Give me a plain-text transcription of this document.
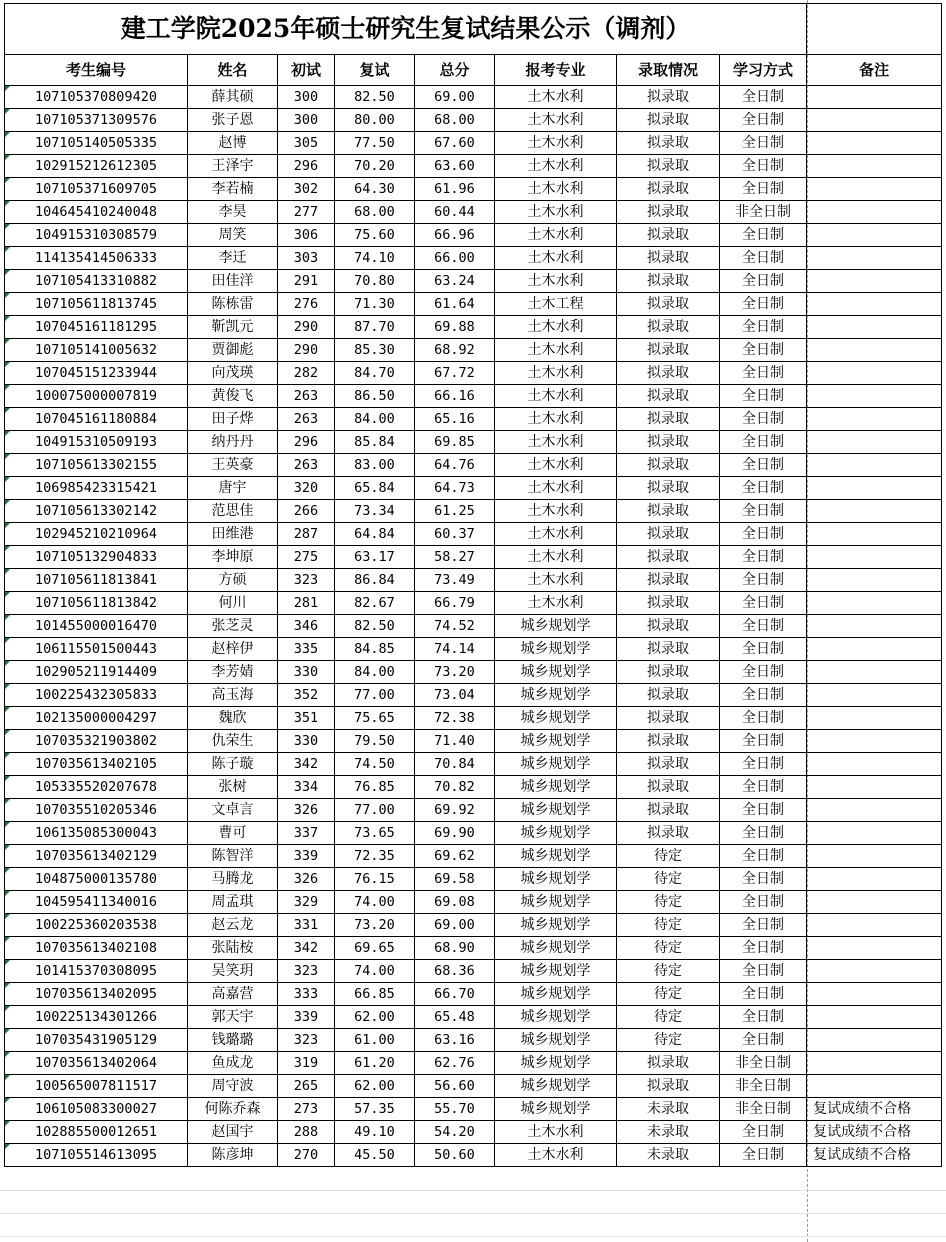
建工学院2025年硕士研究生复试结果公示（调剂）								
考生编号	姓名	初试	复试	总分	报考专业	录取情况	学习方式	备注
107105370809420	薛其硕	300	82.50	69.00	土木水利	拟录取	全日制	
107105371309576	张子恩	300	80.00	68.00	土木水利	拟录取	全日制	
107105140505335	赵博	305	77.50	67.60	土木水利	拟录取	全日制	
102915212612305	王泽宇	296	70.20	63.60	土木水利	拟录取	全日制	
107105371609705	李若楠	302	64.30	61.96	土木水利	拟录取	全日制	
104645410240048	李昊	277	68.00	60.44	土木水利	拟录取	非全日制	
104915310308579	周笑	306	75.60	66.96	土木水利	拟录取	全日制	
114135414506333	李迁	303	74.10	66.00	土木水利	拟录取	全日制	
107105413310882	田佳洋	291	70.80	63.24	土木水利	拟录取	全日制	
107105611813745	陈栋雷	276	71.30	61.64	土木工程	拟录取	全日制	
107045161181295	靳凯元	290	87.70	69.88	土木水利	拟录取	全日制	
107105141005632	贾御彪	290	85.30	68.92	土木水利	拟录取	全日制	
107045151233944	向茂瑛	282	84.70	67.72	土木水利	拟录取	全日制	
100075000007819	黄俊飞	263	86.50	66.16	土木水利	拟录取	全日制	
107045161180884	田子烨	263	84.00	65.16	土木水利	拟录取	全日制	
104915310509193	纳丹丹	296	85.84	69.85	土木水利	拟录取	全日制	
107105613302155	王英豪	263	83.00	64.76	土木水利	拟录取	全日制	
106985423315421	唐宇	320	65.84	64.73	土木水利	拟录取	全日制	
107105613302142	范思佳	266	73.34	61.25	土木水利	拟录取	全日制	
102945210210964	田维港	287	64.84	60.37	土木水利	拟录取	全日制	
107105132904833	李坤原	275	63.17	58.27	土木水利	拟录取	全日制	
107105611813841	方硕	323	86.84	73.49	土木水利	拟录取	全日制	
107105611813842	何川	281	82.67	66.79	土木水利	拟录取	全日制	
101455000016470	张芝灵	346	82.50	74.52	城乡规划学	拟录取	全日制	
106115501500443	赵梓伊	335	84.85	74.14	城乡规划学	拟录取	全日制	
102905211914409	李芳婧	330	84.00	73.20	城乡规划学	拟录取	全日制	
100225432305833	高玉海	352	77.00	73.04	城乡规划学	拟录取	全日制	
102135000004297	魏欣	351	75.65	72.38	城乡规划学	拟录取	全日制	
107035321903802	仇荣生	330	79.50	71.40	城乡规划学	拟录取	全日制	
107035613402105	陈子璇	342	74.50	70.84	城乡规划学	拟录取	全日制	
105335520207678	张树	334	76.85	70.82	城乡规划学	拟录取	全日制	
107035510205346	文卓言	326	77.00	69.92	城乡规划学	拟录取	全日制	
106135085300043	曹可	337	73.65	69.90	城乡规划学	拟录取	全日制	
107035613402129	陈智洋	339	72.35	69.62	城乡规划学	待定	全日制	
104875000135780	马腾龙	326	76.15	69.58	城乡规划学	待定	全日制	
104595411340016	周孟琪	329	74.00	69.08	城乡规划学	待定	全日制	
100225360203538	赵云龙	331	73.20	69.00	城乡规划学	待定	全日制	
107035613402108	张陆桉	342	69.65	68.90	城乡规划学	待定	全日制	
101415370308095	吴笑玥	323	74.00	68.36	城乡规划学	待定	全日制	
107035613402095	高嘉营	333	66.85	66.70	城乡规划学	待定	全日制	
100225134301266	郭天宇	339	62.00	65.48	城乡规划学	待定	全日制	
107035431905129	钱璐璐	323	61.00	63.16	城乡规划学	待定	全日制	
107035613402064	鱼成龙	319	61.20	62.76	城乡规划学	拟录取	非全日制	
100565007811517	周守波	265	62.00	56.60	城乡规划学	拟录取	非全日制	
106105083300027	何陈乔森	273	57.35	55.70	城乡规划学	未录取	非全日制	复试成绩不合格
102885500012651	赵国宇	288	49.10	54.20	土木水利	未录取	全日制	复试成绩不合格
107105514613095	陈彦坤	270	45.50	50.60	土木水利	未录取	全日制	复试成绩不合格
